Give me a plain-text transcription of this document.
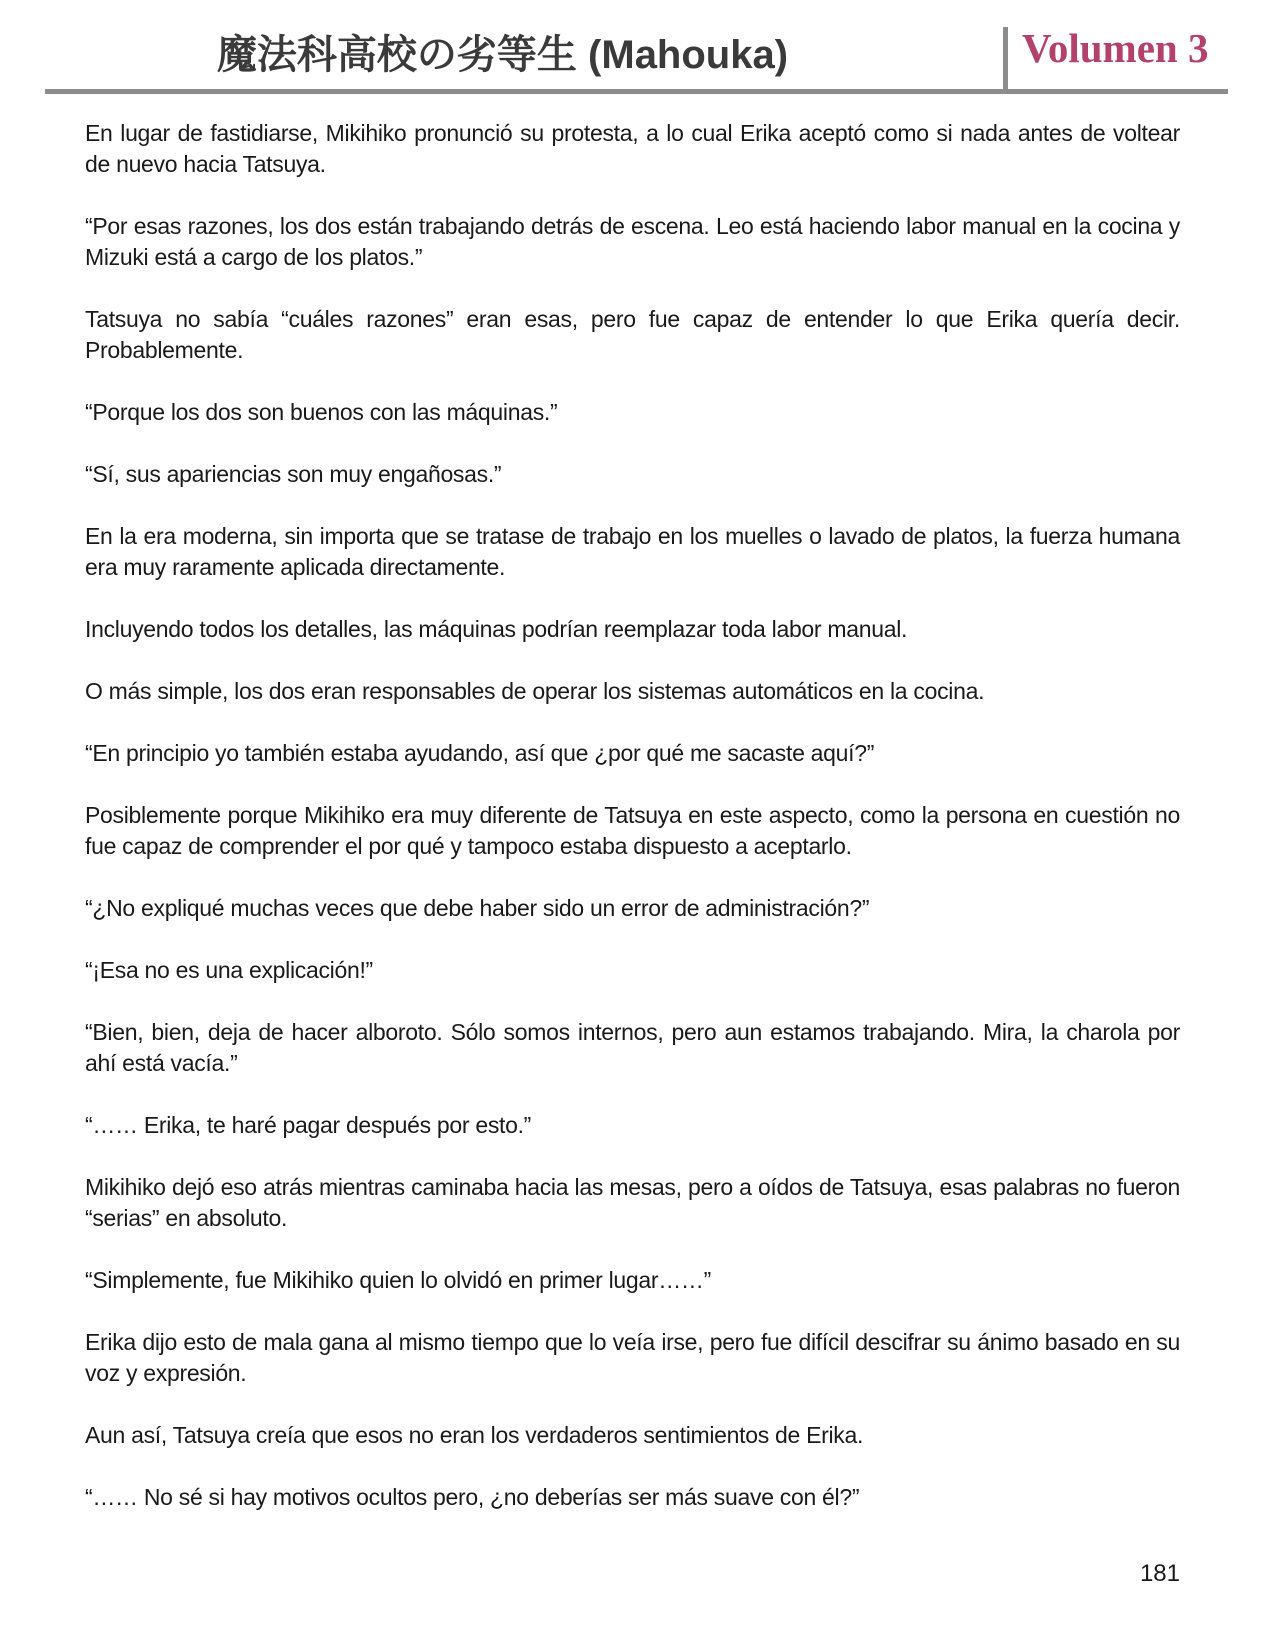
魔法科高校の劣等生 (Mahouka)	Volumen 3

En lugar de fastidiarse, Mikihiko pronunció su protesta, a lo cual Erika aceptó como si nada antes de voltear de nuevo hacia Tatsuya.

“Por esas razones, los dos están trabajando detrás de escena. Leo está haciendo labor manual en la cocina y Mizuki está a cargo de los platos.”

Tatsuya no sabía “cuáles razones” eran esas, pero fue capaz de entender lo que Erika quería decir. Probablemente.

“Porque los dos son buenos con las máquinas.”

“Sí, sus apariencias son muy engañosas.”

En la era moderna, sin importa que se tratase de trabajo en los muelles o lavado de platos, la fuerza humana era muy raramente aplicada directamente.

Incluyendo todos los detalles, las máquinas podrían reemplazar toda labor manual.

O más simple, los dos eran responsables de operar los sistemas automáticos en la cocina.

“En principio yo también estaba ayudando, así que ¿por qué me sacaste aquí?”

Posiblemente porque Mikihiko era muy diferente de Tatsuya en este aspecto, como la persona en cuestión no fue capaz de comprender el por qué y tampoco estaba dispuesto a aceptarlo.

“¿No expliqué muchas veces que debe haber sido un error de administración?”

“¡Esa no es una explicación!”

“Bien, bien, deja de hacer alboroto. Sólo somos internos, pero aun estamos trabajando. Mira, la charola por ahí está vacía.”

“…… Erika, te haré pagar después por esto.”

Mikihiko dejó eso atrás mientras caminaba hacia las mesas, pero a oídos de Tatsuya, esas palabras no fueron “serias” en absoluto.

“Simplemente, fue Mikihiko quien lo olvidó en primer lugar……”

Erika dijo esto de mala gana al mismo tiempo que lo veía irse, pero fue difícil descifrar su ánimo basado en su voz y expresión.

Aun así, Tatsuya creía que esos no eran los verdaderos sentimientos de Erika.

“…… No sé si hay motivos ocultos pero, ¿no deberías ser más suave con él?”

181
